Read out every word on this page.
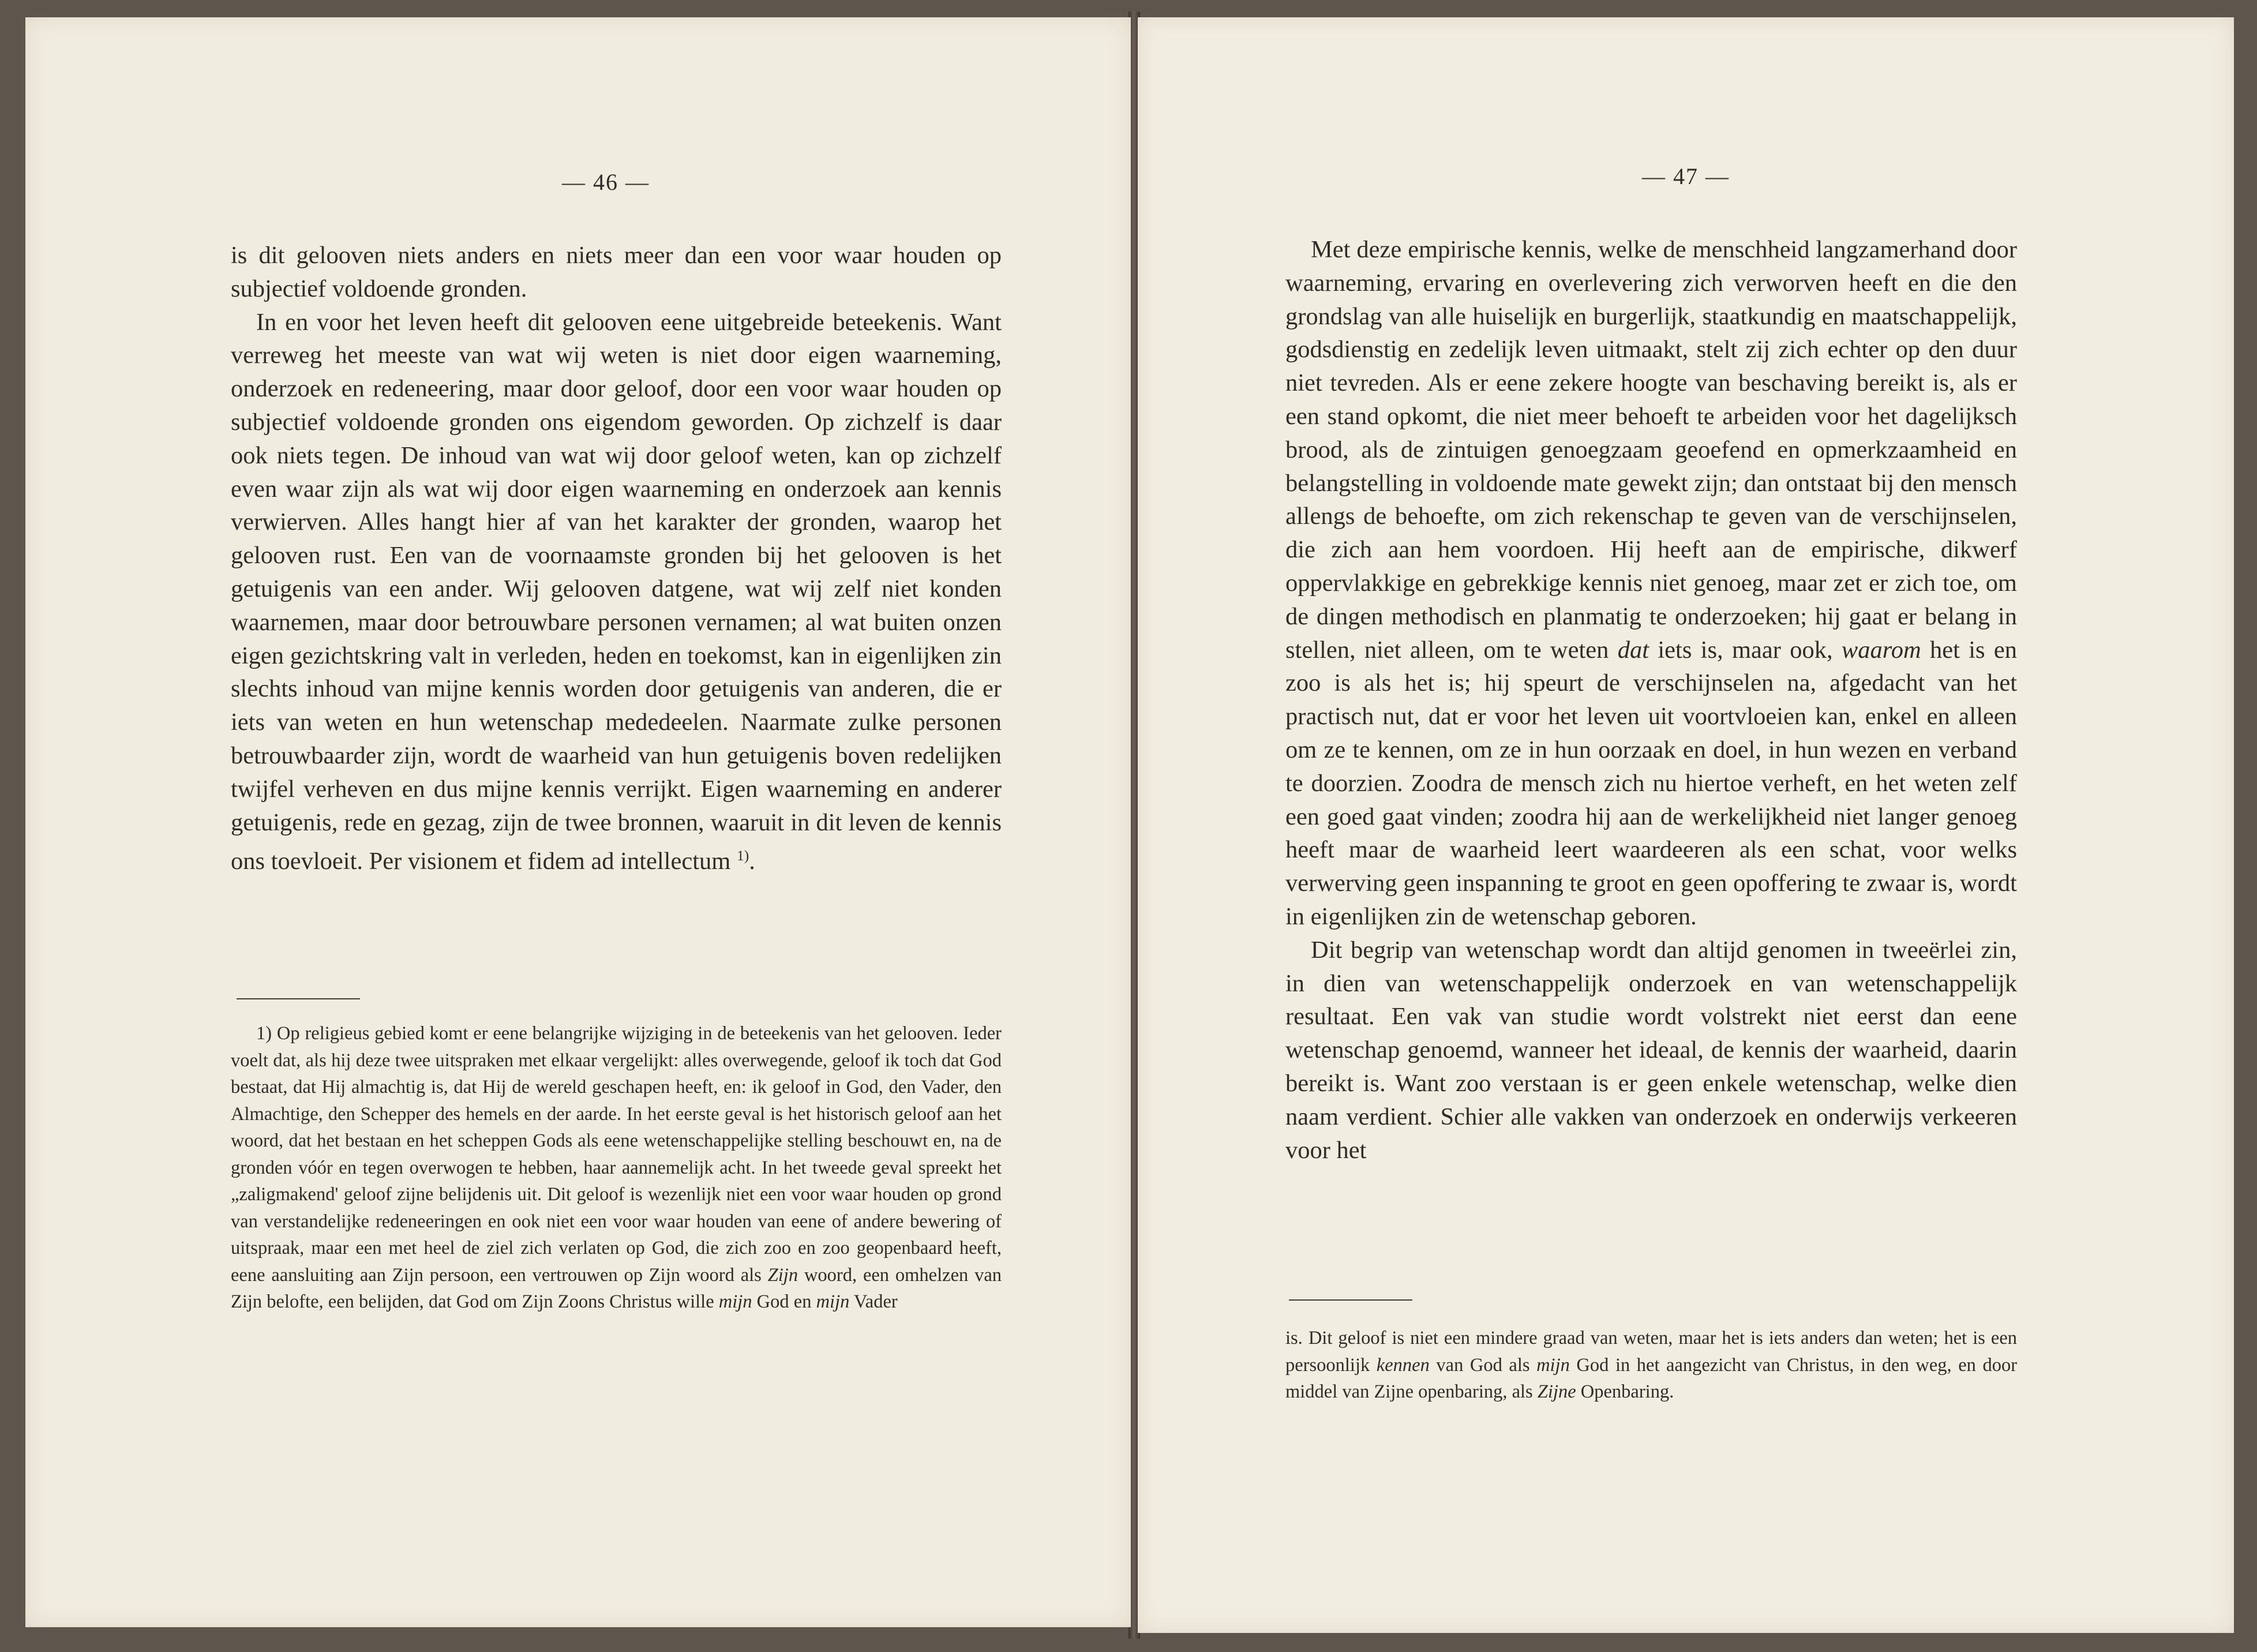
— 46 —

is dit gelooven niets anders en niets meer dan een voor waar houden op subjectief voldoende gronden.

In en voor het leven heeft dit gelooven eene uitgebreide beteekenis. Want verreweg het meeste van wat wij weten is niet door eigen waarneming, onderzoek en redeneering, maar door geloof, door een voor waar houden op subjectief voldoende gronden ons eigendom geworden. Op zichzelf is daar ook niets tegen. De inhoud van wat wij door geloof weten, kan op zichzelf even waar zijn als wat wij door eigen waarneming en onderzoek aan kennis verwierven. Alles hangt hier af van het karakter der gronden, waarop het gelooven rust. Een van de voornaamste gronden bij het gelooven is het getuigenis van een ander. Wij gelooven datgene, wat wij zelf niet konden waarnemen, maar door betrouwbare personen vernamen; al wat buiten onzen eigen gezichtskring valt in verleden, heden en toekomst, kan in eigenlijken zin slechts inhoud van mijne kennis worden door getuigenis van anderen, die er iets van weten en hun wetenschap mededeelen. Naarmate zulke personen betrouwbaarder zijn, wordt de waarheid van hun getuigenis boven redelijken twijfel verheven en dus mijne kennis verrijkt. Eigen waarneming en anderer getuigenis, rede en gezag, zijn de twee bronnen, waaruit in dit leven de kennis ons toevloeit. Per visionem et fidem ad intellectum $^{1)}$.

1) Op religieus gebied komt er eene belangrijke wijziging in de beteekenis van het gelooven. Ieder voelt dat, als hij deze twee uitspraken met elkaar vergelijkt: alles overwegende, geloof ik toch dat God bestaat, dat Hij almachtig is, dat Hij de wereld geschapen heeft, en: ik geloof in God, den Vader, den Almachtige, den Schepper des hemels en der aarde. In het eerste geval is het historisch geloof aan het woord, dat het bestaan en het scheppen Gods als eene wetenschappelijke stelling beschouwt en, na de gronden vóór en tegen overwogen te hebben, haar aannemelijk acht. In het tweede geval spreekt het „zaligmakend' geloof zijne belijdenis uit. Dit geloof is wezenlijk niet een voor waar houden op grond van verstandelijke redeneeringen en ook niet een voor waar houden van eene of andere bewering of uitspraak, maar een met heel de ziel zich verlaten op God, die zich zoo en zoo geopenbaard heeft, eene aansluiting aan Zijn persoon, een vertrouwen op Zijn woord als Zijn woord, een omhelzen van Zijn belofte, een belijden, dat God om Zijn Zoons Christus wille mijn God en mijn Vader

— 47 —

Met deze empirische kennis, welke de menschheid langzamerhand door waarneming, ervaring en overlevering zich verworven heeft en die den grondslag van alle huiselijk en burgerlijk, staatkundig en maatschappelijk, godsdienstig en zedelijk leven uitmaakt, stelt zij zich echter op den duur niet tevreden. Als er eene zekere hoogte van beschaving bereikt is, als er een stand opkomt, die niet meer behoeft te arbeiden voor het dagelijksch brood, als de zintuigen genoegzaam geoefend en opmerkzaamheid en belangstelling in voldoende mate gewekt zijn; dan ontstaat bij den mensch allengs de behoefte, om zich rekenschap te geven van de verschijnselen, die zich aan hem voordoen. Hij heeft aan de empirische, dikwerf oppervlakkige en gebrekkige kennis niet genoeg, maar zet er zich toe, om de dingen methodisch en planmatig te onderzoeken; hij gaat er belang in stellen, niet alleen, om te weten dat iets is, maar ook, waarom het is en zoo is als het is; hij speurt de verschijnselen na, afgedacht van het practisch nut, dat er voor het leven uit voortvloeien kan, enkel en alleen om ze te kennen, om ze in hun oorzaak en doel, in hun wezen en verband te doorzien. Zoodra de mensch zich nu hiertoe verheft, en het weten zelf een goed gaat vinden; zoodra hij aan de werkelijkheid niet langer genoeg heeft maar de waarheid leert waardeeren als een schat, voor welks verwerving geen inspanning te groot en geen opoffering te zwaar is, wordt in eigenlijken zin de wetenschap geboren.

Dit begrip van wetenschap wordt dan altijd genomen in tweeërlei zin, in dien van wetenschappelijk onderzoek en van wetenschappelijk resultaat. Een vak van studie wordt volstrekt niet eerst dan eene wetenschap genoemd, wanneer het ideaal, de kennis der waarheid, daarin bereikt is. Want zoo verstaan is er geen enkele wetenschap, welke dien naam verdient. Schier alle vakken van onderzoek en onderwijs verkeeren voor het

is. Dit geloof is niet een mindere graad van weten, maar het is iets anders dan weten; het is een persoonlijk kennen van God als mijn God in het aangezicht van Christus, in den weg, en door middel van Zijne openbaring, als Zijne Openbaring.
